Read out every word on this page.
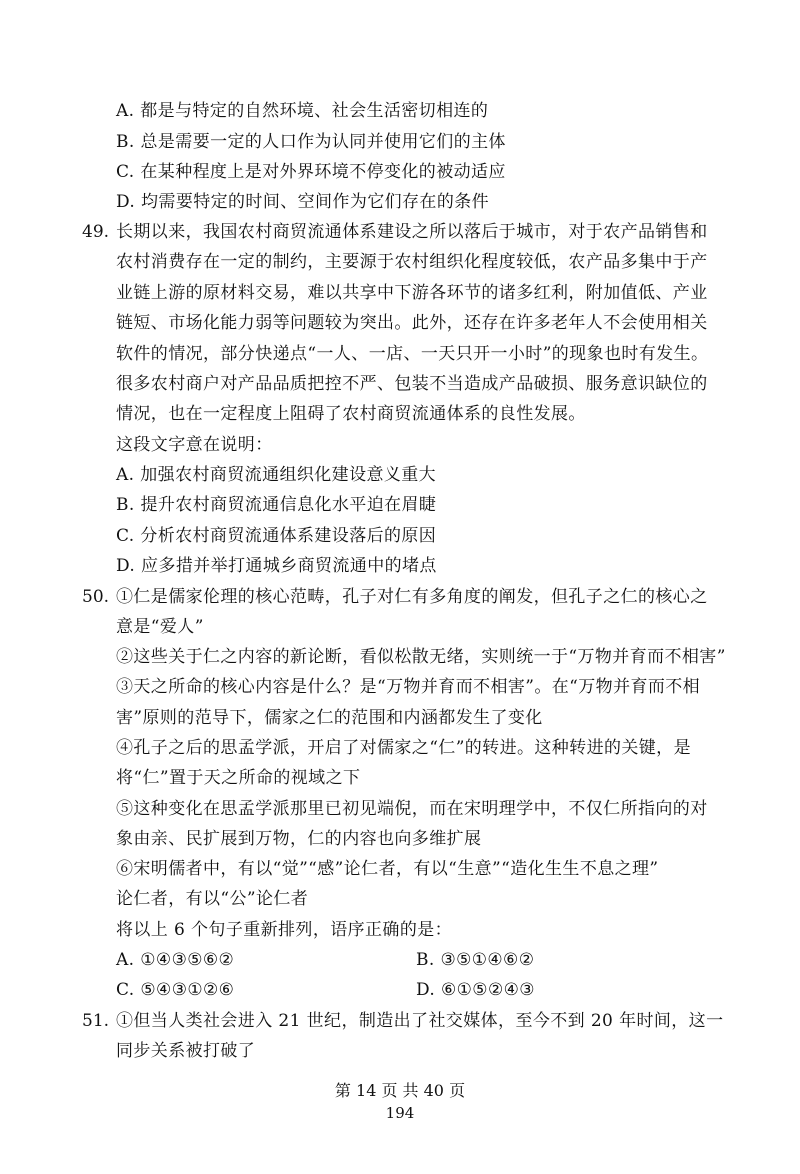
A. 都是与特定的自然环境、社会生活密切相连的
B. 总是需要一定的人口作为认同并使用它们的主体
C. 在某种程度上是对外界环境不停变化的被动适应
D. 均需要特定的时间、空间作为它们存在的条件
49. 长期以来，我国农村商贸流通体系建设之所以落后于城市，对于农产品销售和
农村消费存在一定的制约，主要源于农村组织化程度较低，农产品多集中于产
业链上游的原材料交易，难以共享中下游各环节的诸多红利，附加值低、产业
链短、市场化能力弱等问题较为突出。此外，还存在许多老年人不会使用相关
软件的情况，部分快递点“一人、一店、一天只开一小时”的现象也时有发生。
很多农村商户对产品品质把控不严、包装不当造成产品破损、服务意识缺位的
情况，也在一定程度上阻碍了农村商贸流通体系的良性发展。
这段文字意在说明：
A. 加强农村商贸流通组织化建设意义重大
B. 提升农村商贸流通信息化水平迫在眉睫
C. 分析农村商贸流通体系建设落后的原因
D. 应多措并举打通城乡商贸流通中的堵点
50. ①仁是儒家伦理的核心范畴，孔子对仁有多角度的阐发，但孔子之仁的核心之
意是“爱人”
②这些关于仁之内容的新论断，看似松散无绪，实则统一于“万物并育而不相害”
③天之所命的核心内容是什么？是“万物并育而不相害”。在“万物并育而不相
害”原则的范导下，儒家之仁的范围和内涵都发生了变化
④孔子之后的思孟学派，开启了对儒家之“仁”的转进。这种转进的关键，是
将“仁”置于天之所命的视域之下
⑤这种变化在思孟学派那里已初见端倪，而在宋明理学中，不仅仁所指向的对
象由亲、民扩展到万物，仁的内容也向多维扩展
⑥宋明儒者中，有以“觉”“感”论仁者，有以“生意”“造化生生不息之理”
论仁者，有以“公”论仁者
将以上 6 个句子重新排列，语序正确的是：
A. ①④③⑤⑥②	B. ③⑤①④⑥②
C. ⑤④③①②⑥	D. ⑥①⑤②④③
51. ①但当人类社会进入 21 世纪，制造出了社交媒体，至今不到 20 年时间，这一
同步关系被打破了
第 14 页 共 40 页
194
